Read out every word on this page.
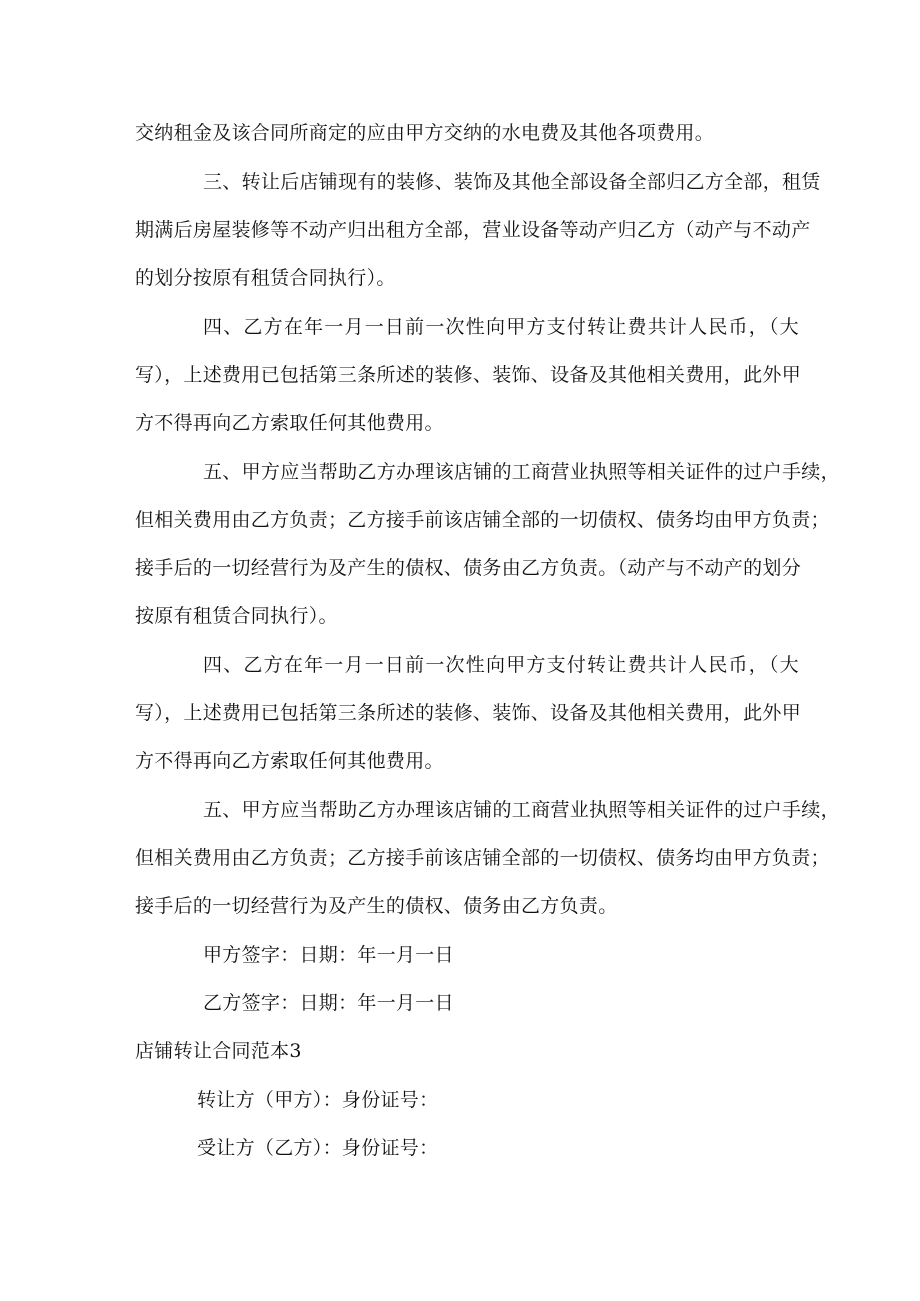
交纳租金及该合同所商定的应由甲方交纳的水电费及其他各项费用。
三、转让后店铺现有的装修、装饰及其他全部设备全部归乙方全部，租赁
期满后房屋装修等不动产归出租方全部，营业设备等动产归乙方（动产与不动产
的划分按原有租赁合同执行）。
四、乙方在年一月一日前一次性向甲方支付转让费共计人民币，（大
写），上述费用已包括第三条所述的装修、装饰、设备及其他相关费用，此外甲
方不得再向乙方索取任何其他费用。
五、甲方应当帮助乙方办理该店铺的工商营业执照等相关证件的过户手续，
但相关费用由乙方负责；乙方接手前该店铺全部的一切债权、债务均由甲方负责；
接手后的一切经营行为及产生的债权、债务由乙方负责。（动产与不动产的划分
按原有租赁合同执行）。
四、乙方在年一月一日前一次性向甲方支付转让费共计人民币，（大
写），上述费用已包括第三条所述的装修、装饰、设备及其他相关费用，此外甲
方不得再向乙方索取任何其他费用。
五、甲方应当帮助乙方办理该店铺的工商营业执照等相关证件的过户手续，
但相关费用由乙方负责；乙方接手前该店铺全部的一切债权、债务均由甲方负责；
接手后的一切经营行为及产生的债权、债务由乙方负责。
甲方签字：日期：年一月一日
乙方签字：日期：年一月一日
店铺转让合同范本3
转让方（甲方）：身份证号：
受让方（乙方）：身份证号：
